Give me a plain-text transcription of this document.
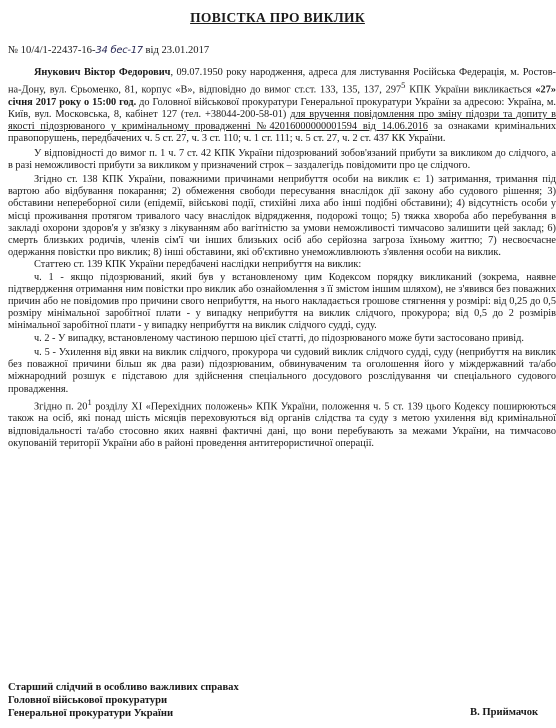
ПОВІСТКА ПРО ВИКЛИК
№ 10/4/1-22437-16-34 бес-17 від 23.01.2017

Янукович Віктор Федорович, 09.07.1950 року народження, адреса для листування Російська Федерація, м. Ростов-на-Дону, вул. Єрьоменко, 81, корпус «В», відповідно до вимог ст.ст. 133, 135, 137, $297^5$ КПК України викликається «27» січня 2017 року о 15:00 год. до Головної військової прокуратури Генеральної прокуратури України за адресою: Україна, м. Київ, вул. Московська, 8, кабінет 127 (тел. +38044-200-58-01) для вручення повідомлення про зміну підозри та допиту в якості підозрюваного у кримінальному провадженні №42016000000001594 від 14.06.2016 за ознаками кримінальних правопорушень, передбачених ч. 5 ст. 27, ч. 3 ст. 110; ч. 1 ст. 111; ч. 5 ст. 27, ч. 2 ст. 437 КК України.

У відповідності до вимог п. 1 ч. 7 ст. 42 КПК України підозрюваний зобов'язаний прибути за викликом до слідчого, а в разі неможливості прибути за викликом у призначений строк – заздалегідь повідомити про це слідчого.

Згідно ст. 138 КПК України, поважними причинами неприбуття особи на виклик є: 1) затримання, тримання під вартою або відбування покарання; 2) обмеження свободи пересування внаслідок дії закону або судового рішення; 3) обставини непереборної сили (епідемії, військові події, стихійні лиха або інші подібні обставини); 4) відсутність особи у місці проживання протягом тривалого часу внаслідок відрядження, подорожі тощо; 5) тяжка хвороба або перебування в закладі охорони здоров'я у зв'язку з лікуванням або вагітністю за умови неможливості тимчасово залишити цей заклад; 6) смерть близьких родичів, членів сім'ї чи інших близьких осіб або серйозна загроза їхньому життю; 7) несвоєчасне одержання повістки про виклик; 8) інші обставини, які об'єктивно унеможливлюють з'явлення особи на виклик.

Статтею ст. 139 КПК України передбачені наслідки неприбуття на виклик:

ч. 1 - якщо підозрюваний, який був у встановленому цим Кодексом порядку викликаний (зокрема, наявне підтвердження отримання ним повістки про виклик або ознайомлення з її змістом іншим шляхом), не з'явився без поважних причин або не повідомив про причини свого неприбуття, на нього накладається грошове стягнення у розмірі: від 0,25 до 0,5 розміру мінімальної заробітної плати - у випадку неприбуття на виклик слідчого, прокурора; від 0,5 до 2 розмірів мінімальної заробітної плати - у випадку неприбуття на виклик слідчого судді, суду.

ч. 2 - У випадку, встановленому частиною першою цієї статті, до підозрюваного може бути застосовано привід.

ч. 5 - Ухилення від явки на виклик слідчого, прокурора чи судовий виклик слідчого судді, суду (неприбуття на виклик без поважної причини більш як два рази) підозрюваним, обвинуваченим та оголошення його у міждержавний та/або міжнародний розшук є підставою для здійснення спеціального досудового розслідування чи спеціального судового провадження.

Згідно п. $20^1$ розділу XI «Перехідних положень» КПК України, положення ч. 5 ст. 139 цього Кодексу поширюються також на осіб, які понад шість місяців переховуються від органів слідства та суду з метою ухилення від кримінальної відповідальності та/або стосовно яких наявні фактичні дані, що вони перебувають за межами України, на тимчасово окупованій території України або в районі проведення антитерористичної операції.

Старший слідчий в особливо важливих справах
Головної військової прокуратури
Генеральної прокуратури України	В. Приймачок
